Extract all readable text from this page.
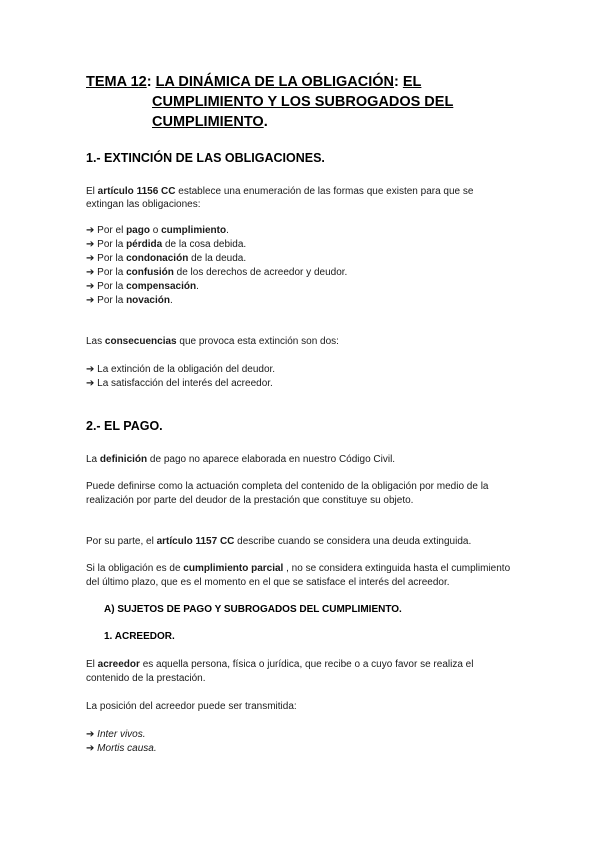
TEMA 12: LA DINÁMICA DE LA OBLIGACIÓN: EL
CUMPLIMIENTO Y LOS SUBROGADOS DEL
CUMPLIMIENTO.
1.- EXTINCIÓN DE LAS OBLIGACIONES.
El artículo 1156 CC establece una enumeración de las formas que existen para que se
extingan las obligaciones:
➔ Por el pago o cumplimiento.
➔ Por la pérdida de la cosa debida.
➔ Por la condonación de la deuda.
➔ Por la confusión de los derechos de acreedor y deudor.
➔ Por la compensación.
➔ Por la novación.
Las consecuencias que provoca esta extinción son dos:
➔ La extinción de la obligación del deudor.
➔ La satisfacción del interés del acreedor.
2.- EL PAGO.
La definición de pago no aparece elaborada en nuestro Código Civil.
Puede definirse como la actuación completa del contenido de la obligación por medio de la
realización por parte del deudor de la prestación que constituye su objeto.
Por su parte, el artículo 1157 CC describe cuando se considera una deuda extinguida.
Si la obligación es de cumplimiento parcial , no se considera extinguida hasta el cumplimiento
del último plazo, que es el momento en el que se satisface el interés del acreedor.
A) SUJETOS DE PAGO Y SUBROGADOS DEL CUMPLIMIENTO.
1. ACREEDOR.
El acreedor es aquella persona, física o jurídica, que recibe o a cuyo favor se realiza el
contenido de la prestación.
La posición del acreedor puede ser transmitida:
➔ Inter vivos.
➔ Mortis causa.
